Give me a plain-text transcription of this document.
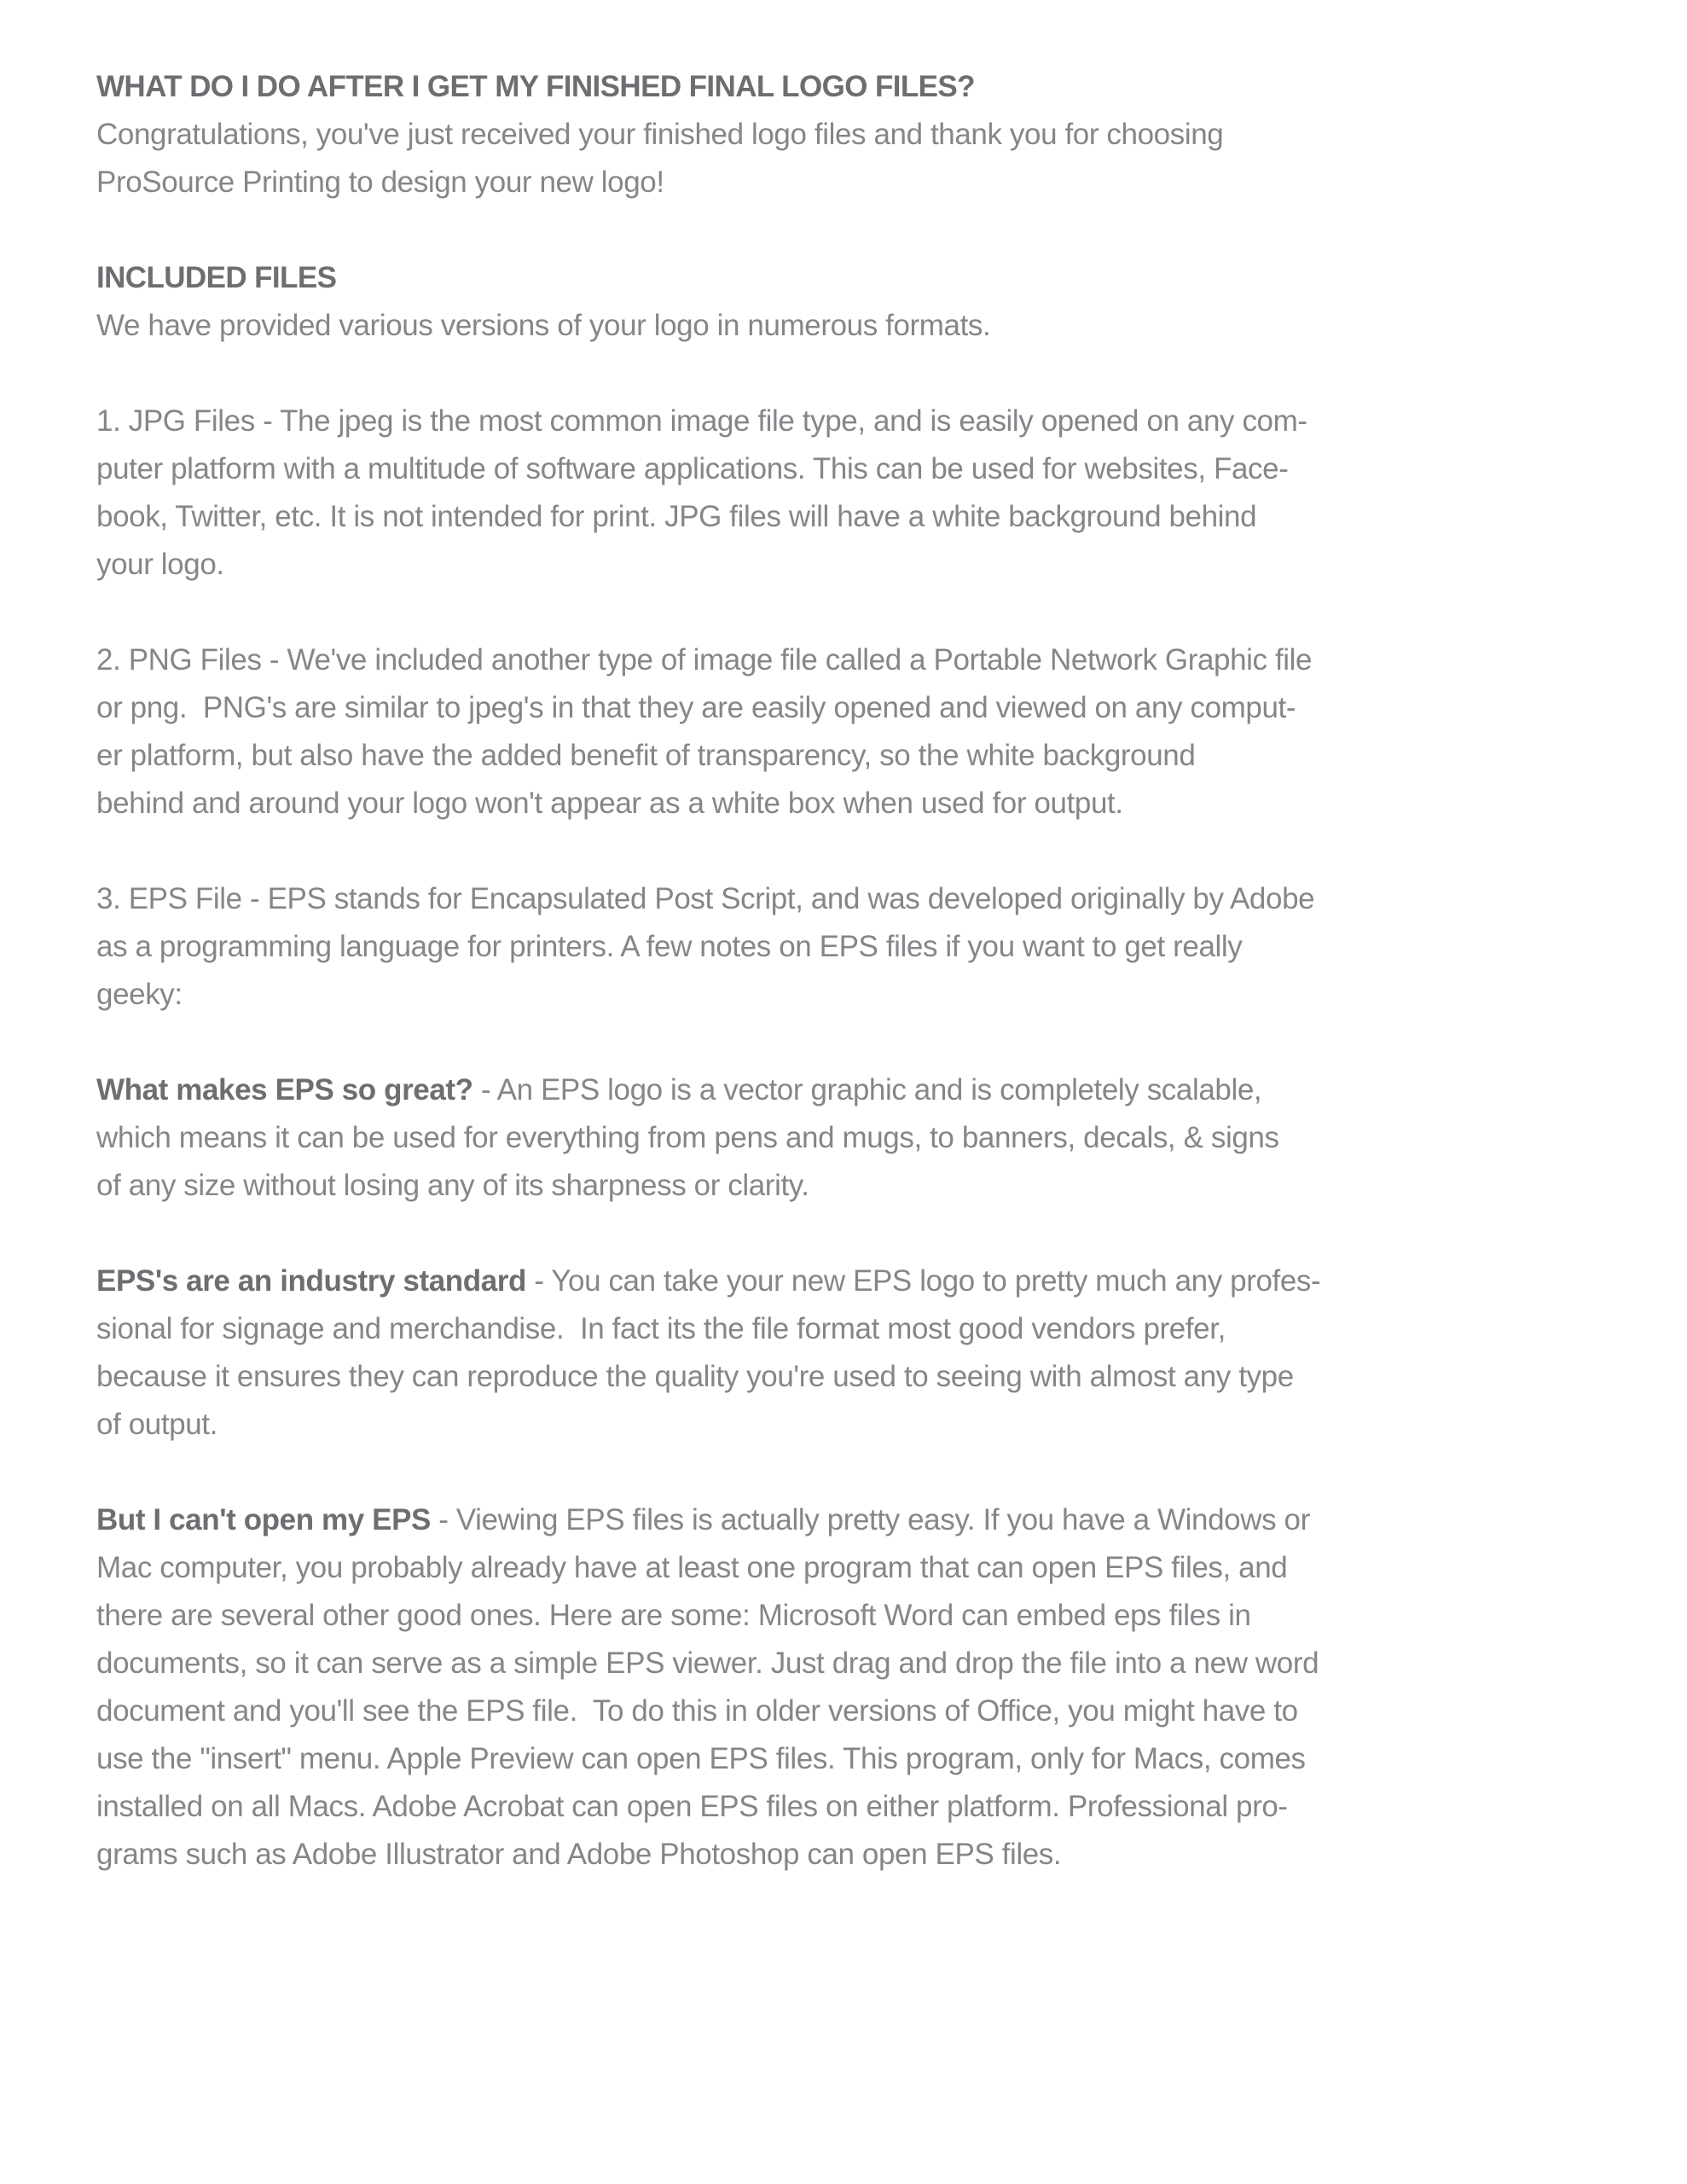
WHAT DO I DO AFTER I GET MY FINISHED FINAL LOGO FILES?
Congratulations, you've just received your finished logo files and thank you for choosing
ProSource Printing to design your new logo!
INCLUDED FILES
We have provided various versions of your logo in numerous formats.
1. JPG Files - The jpeg is the most common image file type, and is easily opened on any com-
puter platform with a multitude of software applications. This can be used for websites, Face-
book, Twitter, etc. It is not intended for print. JPG files will have a white background behind
your logo.
2. PNG Files - We've included another type of image file called a Portable Network Graphic file
or png.  PNG's are similar to jpeg's in that they are easily opened and viewed on any comput-
er platform, but also have the added benefit of transparency, so the white background
behind and around your logo won't appear as a white box when used for output.
3. EPS File - EPS stands for Encapsulated Post Script, and was developed originally by Adobe
as a programming language for printers. A few notes on EPS files if you want to get really
geeky:
What makes EPS so great? - An EPS logo is a vector graphic and is completely scalable,
which means it can be used for everything from pens and mugs, to banners, decals, & signs
of any size without losing any of its sharpness or clarity.
EPS's are an industry standard - You can take your new EPS logo to pretty much any profes-
sional for signage and merchandise.  In fact its the file format most good vendors prefer,
because it ensures they can reproduce the quality you're used to seeing with almost any type
of output.
But I can't open my EPS - Viewing EPS files is actually pretty easy. If you have a Windows or
Mac computer, you probably already have at least one program that can open EPS files, and
there are several other good ones. Here are some: Microsoft Word can embed eps files in
documents, so it can serve as a simple EPS viewer. Just drag and drop the file into a new word
document and you'll see the EPS file.  To do this in older versions of Office, you might have to
use the "insert" menu. Apple Preview can open EPS files. This program, only for Macs, comes
installed on all Macs. Adobe Acrobat can open EPS files on either platform. Professional pro-
grams such as Adobe Illustrator and Adobe Photoshop can open EPS files.
